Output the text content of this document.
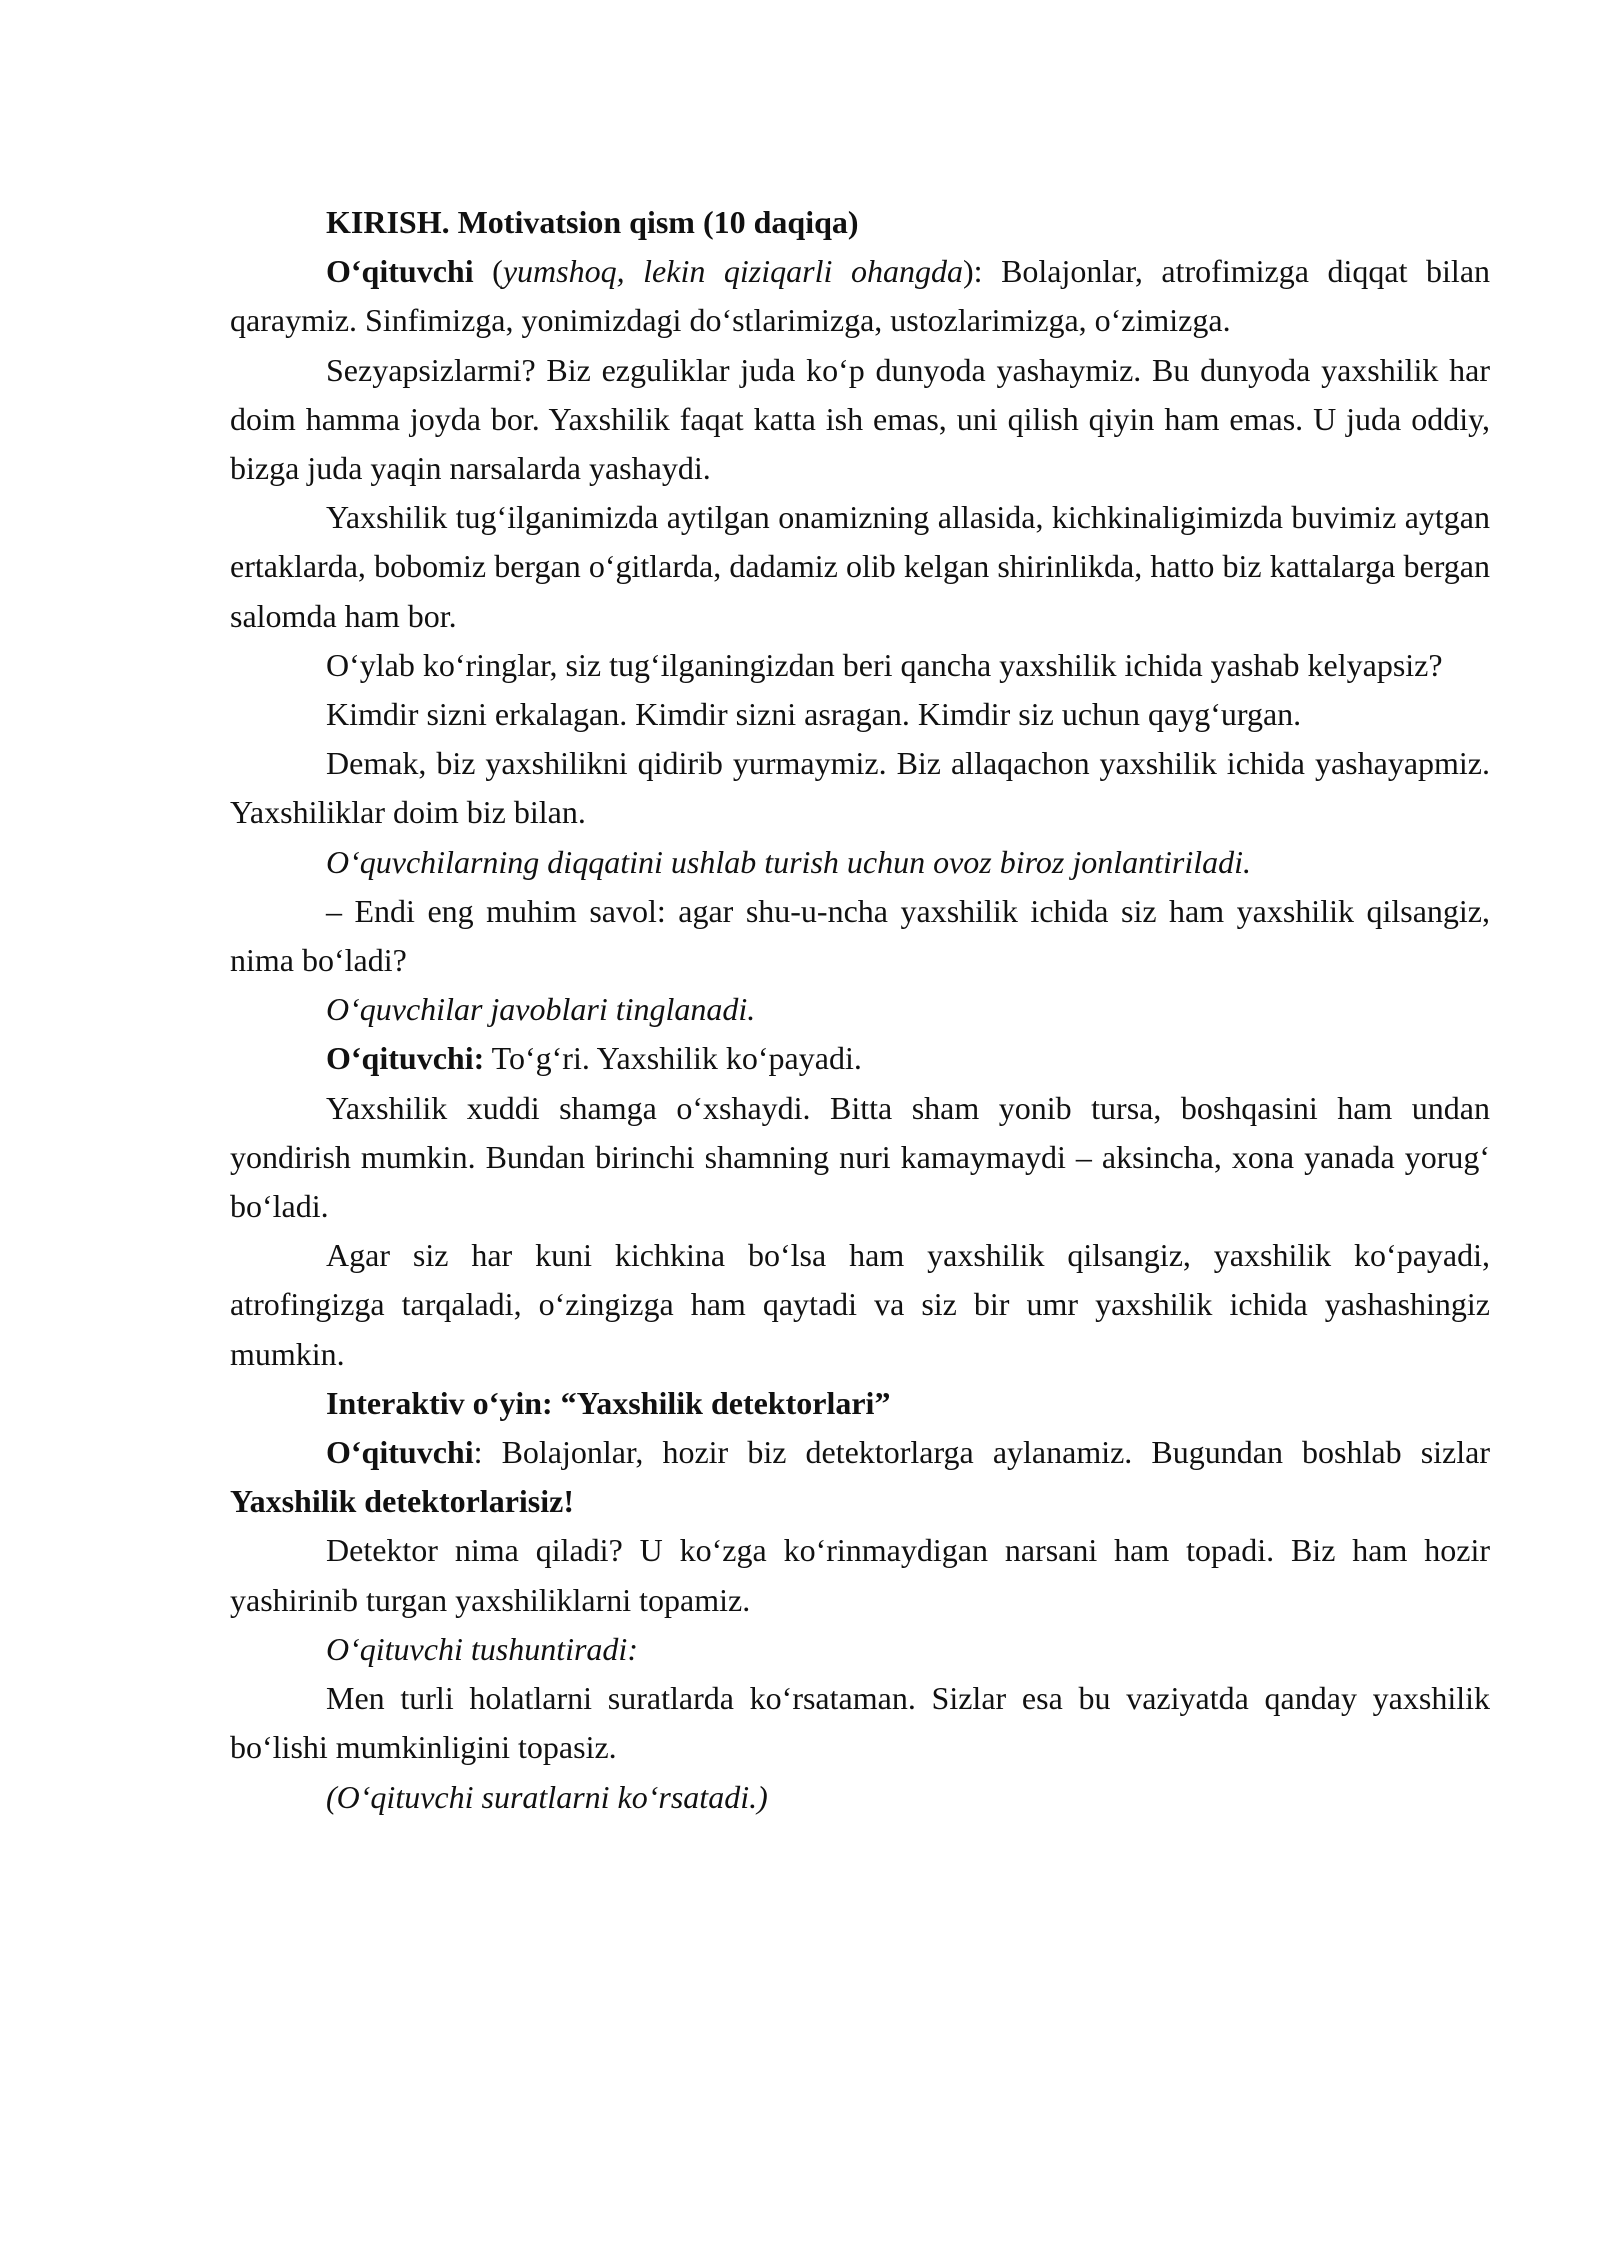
KIRISH. Motivatsion qism (10 daqiqa)

O‘qituvchi (yumshoq, lekin qiziqarli ohangda): Bolajonlar, atrofimizga diqqat bilan qaraymiz. Sinfimizga, yonimizdagi do‘stlarimizga, ustozlarimizga, o‘zimizga.

Sezyapsizlarmi? Biz ezguliklar juda ko‘p dunyoda yashaymiz. Bu dunyoda yaxshilik har doim hamma joyda bor. Yaxshilik faqat katta ish emas, uni qilish qiyin ham emas. U juda oddiy, bizga juda yaqin narsalarda yashaydi.

Yaxshilik tug‘ilganimizda aytilgan onamizning allasida, kichkinaligimizda buvimiz aytgan ertaklarda, bobomiz bergan o‘gitlarda, dadamiz olib kelgan shirinlikda, hatto biz kattalarga bergan salomda ham bor.

O‘ylab ko‘ringlar, siz tug‘ilganingizdan beri qancha yaxshilik ichida yashab kelyapsiz?

Kimdir sizni erkalagan. Kimdir sizni asragan. Kimdir siz uchun qayg‘urgan.

Demak, biz yaxshilikni qidirib yurmaymiz. Biz allaqachon yaxshilik ichida yashayapmiz. Yaxshiliklar doim biz bilan.

O‘quvchilarning diqqatini ushlab turish uchun ovoz biroz jonlantiriladi.

– Endi eng muhim savol: agar shu-u-ncha yaxshilik ichida siz ham yaxshilik qilsangiz, nima bo‘ladi?

O‘quvchilar javoblari tinglanadi.

O‘qituvchi: To‘g‘ri. Yaxshilik ko‘payadi.

Yaxshilik xuddi shamga o‘xshaydi. Bitta sham yonib tursa, boshqasini ham undan yondirish mumkin. Bundan birinchi shamning nuri kamaymaydi – aksincha, xona yanada yorug‘ bo‘ladi.

Agar siz har kuni kichkina bo‘lsa ham yaxshilik qilsangiz, yaxshilik ko‘payadi, atrofingizga tarqaladi, o‘zingizga ham qaytadi va siz bir umr yaxshilik ichida yashashingiz mumkin.

Interaktiv o‘yin: “Yaxshilik detektorlari”

O‘qituvchi: Bolajonlar, hozir biz detektorlarga aylanamiz. Bugundan boshlab sizlar Yaxshilik detektorlarisiz!

Detektor nima qiladi? U ko‘zga ko‘rinmaydigan narsani ham topadi. Biz ham hozir yashirinib turgan yaxshiliklarni topamiz.

O‘qituvchi tushuntiradi:

Men turli holatlarni suratlarda ko‘rsataman. Sizlar esa bu vaziyatda qanday yaxshilik bo‘lishi mumkinligini topasiz.

(O‘qituvchi suratlarni ko‘rsatadi.)
